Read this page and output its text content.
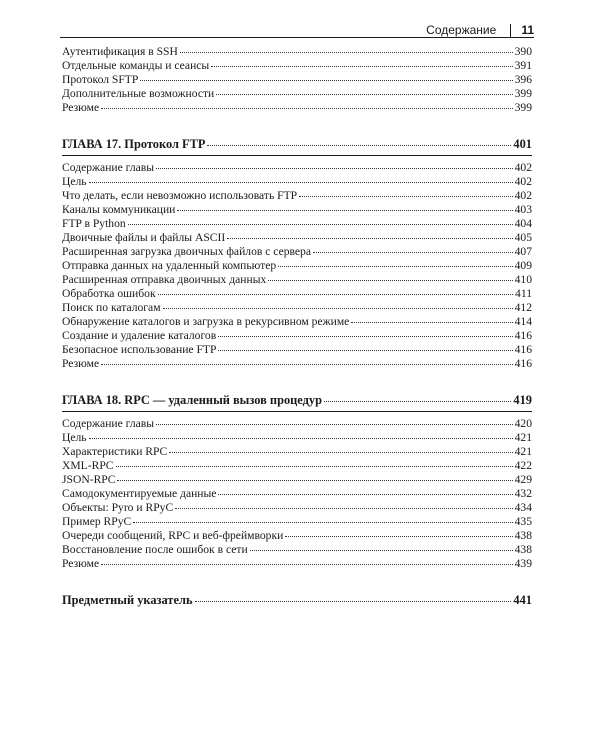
Содержание 11
Аутентификация в SSH	390
Отдельные команды и сеансы	391
Протокол SFTP	396
Дополнительные возможности	399
Резюме	399
ГЛАВА 17. Протокол FTP	401
Содержание главы	402
Цель	402
Что делать, если невозможно использовать FTP	402
Каналы коммуникации	403
FTP в Python	404
Двоичные файлы и файлы ASCII	405
Расширенная загрузка двоичных файлов с сервера	407
Отправка данных на удаленный компьютер	409
Расширенная отправка двоичных данных	410
Обработка ошибок	411
Поиск по каталогам	412
Обнаружение каталогов и загрузка в рекурсивном режиме	414
Создание и удаление каталогов	416
Безопасное использование FTP	416
Резюме	416
ГЛАВА 18. RPC — удаленный вызов процедур	419
Содержание главы	420
Цель	421
Характеристики RPC	421
XML-RPC	422
JSON-RPC	429
Самодокументируемые данные	432
Объекты: Pyro и RPyC	434
Пример RPyC	435
Очереди сообщений, RPC и веб-фреймворки	438
Восстановление после ошибок в сети	438
Резюме	439
Предметный указатель	441
